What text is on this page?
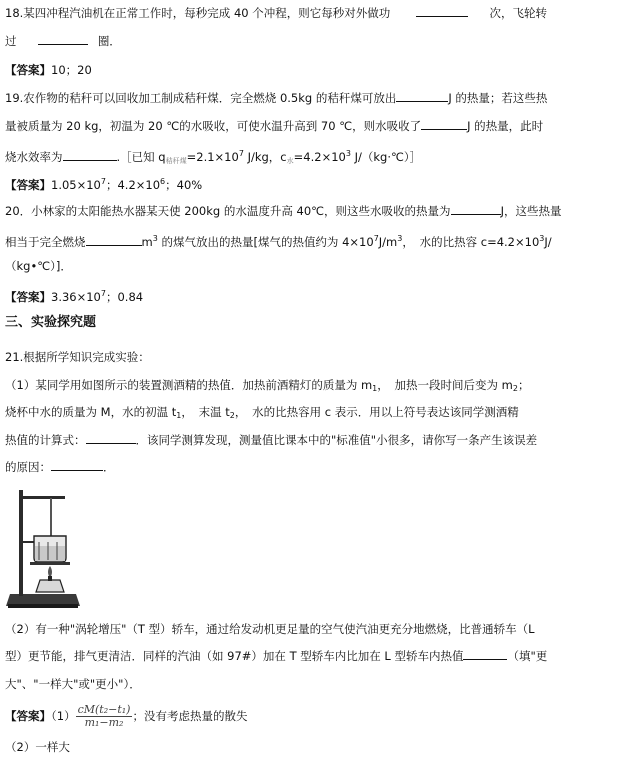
18.某四冲程汽油机在正常工作时，每秒完成 40 个冲程，则它每秒对外做功	次，飞轮转
过	圈．
【答案】10；20
19.农作物的秸秆可以回收加工制成秸秆煤．完全燃烧 0.5kg 的秸秆煤可放出	J 的热量；若这些热
量被质量为 20 kg，初温为 20 ℃的水吸收，可使水温升高到 70 ℃，则水吸收了	J 的热量，此时
烧水效率为	.［已知 q秸秆煤$=2.1\times 10^7$ J/kg，c水$=4.2\times 10^3$ J/（kg·℃）］
【答案】$1.05\times 10^7$；$4.2\times 10^6$；40%
20．小林家的太阳能热水器某天使 200kg 的水温度升高 40℃，则这些水吸收的热量为	J，这些热量
相当于完全燃烧	$m^3$ 的煤气放出的热量[煤气的热值约为 $4\times 10^7J/m^3$，　水的比热容 $c=4.2\times 10^3J/$
（kg•℃）]．
【答案】$3.36\times 10^7$；0.84
三、实验探究题
21.根据所学知识完成实验：
（1）某同学用如图所示的装置测酒精的热值．加热前酒精灯的质量为 $m_1$，　加热一段时间后变为 $m_2$；
烧杯中水的质量为 M，水的初温 $t_1$，　末温 $t_2$，　水的比热容用 c 表示．用以上符号表达该同学测酒精
热值的计算式：	．该同学测算发现，测量值比课本中的"标准值"小很多，请你写一条产生该误差
的原因：	．
（2）有一种"涡轮增压"（T 型）轿车，通过给发动机更足量的空气使汽油更充分地燃烧，比普通轿车（L
型）更节能，排气更清洁．同样的汽油（如 97#）加在 T 型轿车内比加在 L 型轿车内热值	（填"更
大"、"一样大"或"更小"）．
【答案】$(1) \frac{\text{cM(t₂−t₁)}}{\text{m₁−m₂}}$ ；没有考虑热量的散失
（2）一样大
